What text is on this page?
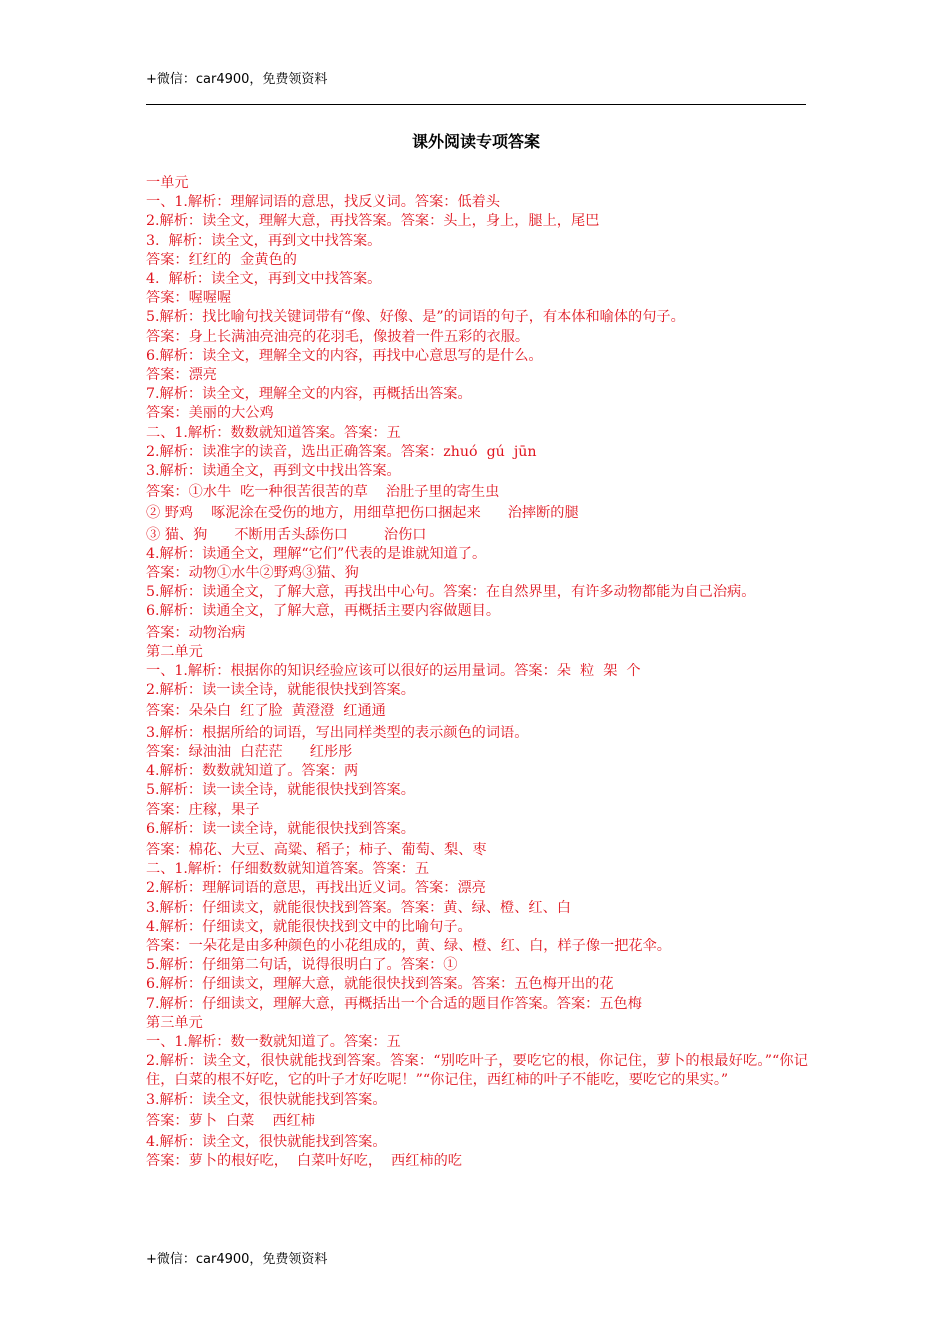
+微信：car4900，免费领资料
课外阅读专项答案
一单元
一、1.解析：理解词语的意思，找反义词。答案：低着头
2.解析：读全文，理解大意，再找答案。答案：头上，身上，腿上，尾巴
3.  解析：读全文，再到文中找答案。
答案：红红的  金黄色的
4.  解析：读全文，再到文中找答案。
答案：喔喔喔
5.解析：找比喻句找关键词带有“像、好像、是”的词语的句子，有本体和喻体的句子。
答案：身上长满油亮油亮的花羽毛，像披着一件五彩的衣服。
6.解析：读全文，理解全文的内容，再找中心意思写的是什么。
答案：漂亮
7.解析：读全文，理解全文的内容，再概括出答案。
答案：美丽的大公鸡
二、1.解析：数数就知道答案。答案：五
2.解析：读准字的读音，选出正确答案。答案：zhuó  gú  jūn
3.解析：读通全文，再到文中找出答案。
答案：①水牛  吃一种很苦很苦的草    治肚子里的寄生虫
② 野鸡    啄泥涂在受伤的地方，用细草把伤口捆起来      治摔断的腿
③ 猫、狗      不断用舌头舔伤口        治伤口
4.解析：读通全文，理解“它们”代表的是谁就知道了。
答案：动物①水牛②野鸡③猫、狗
5.解析：读通全文，了解大意，再找出中心句。答案：在自然界里，有许多动物都能为自己治病。
6.解析：读通全文，了解大意，再概括主要内容做题目。
答案：动物治病
第二单元
一、1.解析：根据你的知识经验应该可以很好的运用量词。答案：朵  粒  架  个
2.解析：读一读全诗，就能很快找到答案。
答案：朵朵白  红了脸  黄澄澄  红通通
3.解析：根据所给的词语，写出同样类型的表示颜色的词语。
答案：绿油油  白茫茫      红彤彤
4.解析：数数就知道了。答案：两
5.解析：读一读全诗，就能很快找到答案。
答案：庄稼，果子
6.解析：读一读全诗，就能很快找到答案。
答案：棉花、大豆、高粱、稻子；柿子、葡萄、梨、枣
二、1.解析：仔细数数就知道答案。答案：五
2.解析：理解词语的意思，再找出近义词。答案：漂亮
3.解析：仔细读文，就能很快找到答案。答案：黄、绿、橙、红、白
4.解析：仔细读文，就能很快找到文中的比喻句子。
答案：一朵花是由多种颜色的小花组成的，黄、绿、橙、红、白，样子像一把花伞。
5.解析：仔细第二句话，说得很明白了。答案：①
6.解析：仔细读文，理解大意，就能很快找到答案。答案：五色梅开出的花
7.解析：仔细读文，理解大意，再概括出一个合适的题目作答案。答案：五色梅
第三单元
一、1.解析：数一数就知道了。答案：五
2.解析：读全文，很快就能找到答案。答案：“别吃叶子，要吃它的根，你记住，萝卜的根最好吃。”“你记住，白菜的根不好吃，它的叶子才好吃呢！”“你记住，西红柿的叶子不能吃，要吃它的果实。”
3.解析：读全文，很快就能找到答案。
答案：萝卜  白菜    西红柿
4.解析：读全文，很快就能找到答案。
答案：萝卜的根好吃，  白菜叶好吃，  西红柿的吃
+微信：car4900，免费领资料
